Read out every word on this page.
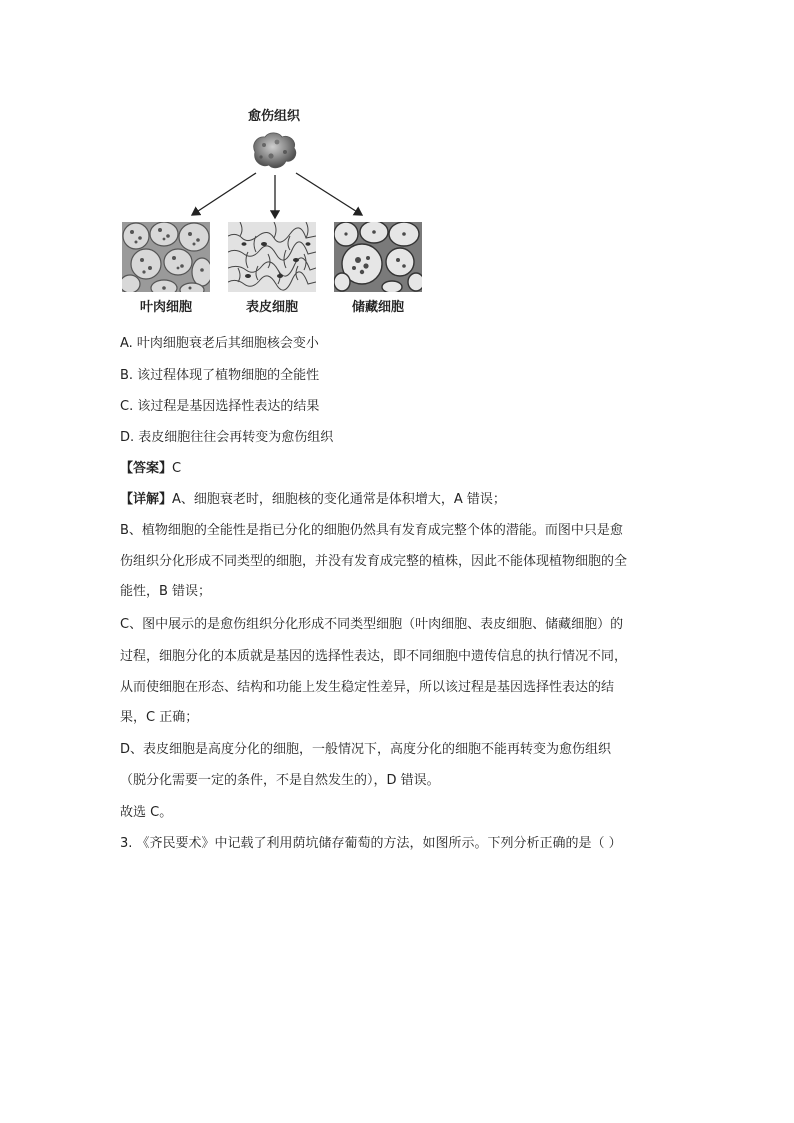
愈伤组织
叶肉细胞	表皮细胞	储藏细胞
A. 叶肉细胞衰老后其细胞核会变小
B. 该过程体现了植物细胞的全能性
C. 该过程是基因选择性表达的结果
D. 表皮细胞往往会再转变为愈伤组织
【答案】C
【详解】A、细胞衰老时，细胞核的变化通常是体积增大，A 错误；
B、植物细胞的全能性是指已分化的细胞仍然具有发育成完整个体的潜能。而图中只是愈
伤组织分化形成不同类型的细胞，并没有发育成完整的植株，因此不能体现植物细胞的全
能性，B 错误；
C、图中展示的是愈伤组织分化形成不同类型细胞（叶肉细胞、表皮细胞、储藏细胞）的
过程，细胞分化的本质就是基因的选择性表达，即不同细胞中遗传信息的执行情况不同，
从而使细胞在形态、结构和功能上发生稳定性差异，所以该过程是基因选择性表达的结
果，C 正确；
D、表皮细胞是高度分化的细胞，一般情况下，高度分化的细胞不能再转变为愈伤组织
（脱分化需要一定的条件，不是自然发生的），D 错误。
故选 C。
3. 《齐民要术》中记载了利用荫坑储存葡萄的方法，如图所示。下列分析正确的是（ ）
